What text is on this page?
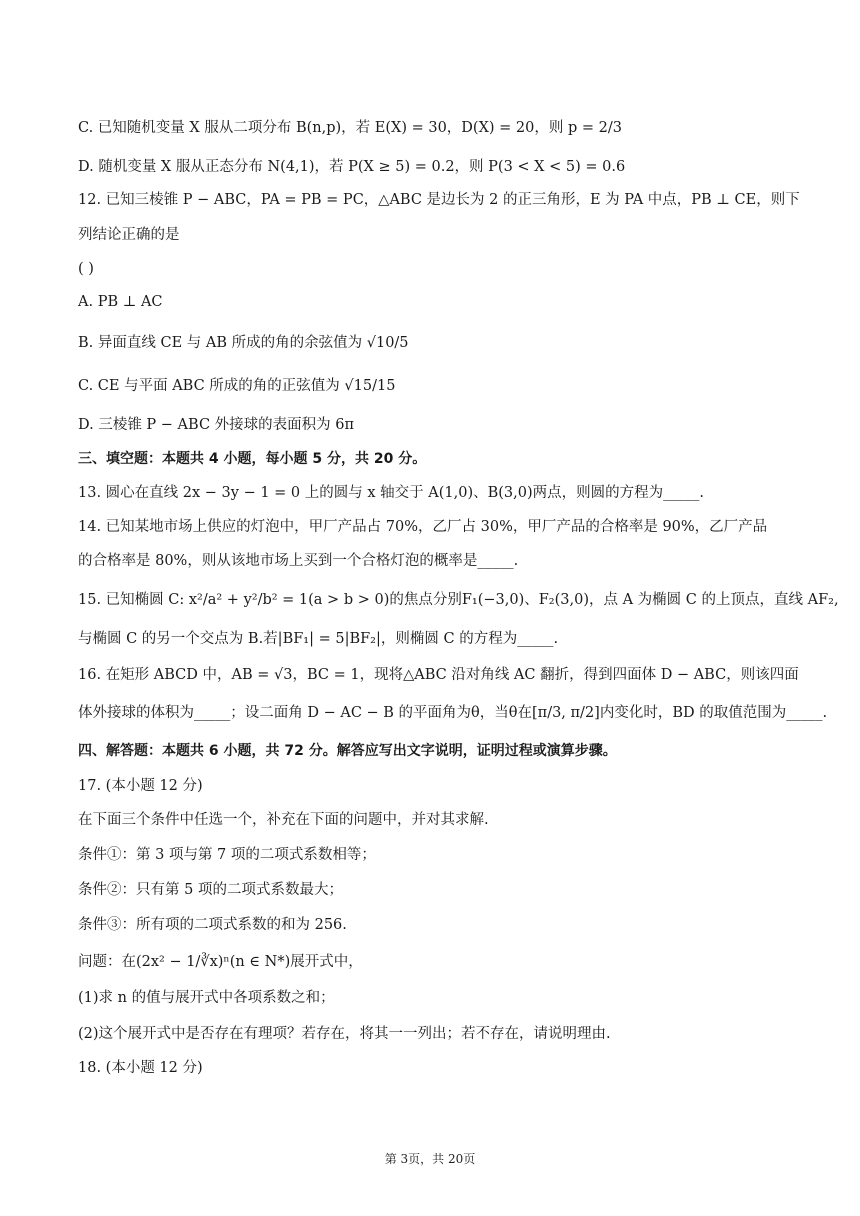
C. 已知随机变量 X 服从二项分布 B(n,p)，若 E(X) = 30，D(X) = 20，则 p = 2/3
D. 随机变量 X 服从正态分布 N(4,1)，若 P(X ≥ 5) = 0.2，则 P(3 < X < 5) = 0.6
12. 已知三棱锥 P − ABC，PA = PB = PC，△ABC 是边长为 2 的正三角形，E 为 PA 中点，PB ⊥ CE，则下
列结论正确的是
( )
A. PB ⊥ AC
B. 异面直线 CE 与 AB 所成的角的余弦值为 √10/5
C. CE 与平面 ABC 所成的角的正弦值为 √15/15
D. 三棱锥 P − ABC 外接球的表面积为 6π
三、填空题：本题共 4 小题，每小题 5 分，共 20 分。
13. 圆心在直线 2x − 3y − 1 = 0 上的圆与 x 轴交于 A(1,0)、B(3,0)两点，则圆的方程为_____.
14. 已知某地市场上供应的灯泡中，甲厂产品占 70%，乙厂占 30%，甲厂产品的合格率是 90%，乙厂产品
的合格率是 80%，则从该地市场上买到一个合格灯泡的概率是_____.
15. 已知椭圆 C: x²/a² + y²/b² = 1(a > b > 0)的焦点分别F₁(−3,0)、F₂(3,0)，点 A 为椭圆 C 的上顶点，直线 AF₂,
与椭圆 C 的另一个交点为 B.若|BF₁| = 5|BF₂|，则椭圆 C 的方程为_____.
16. 在矩形 ABCD 中，AB = √3，BC = 1，现将△ABC 沿对角线 AC 翻折，得到四面体 D − ABC，则该四面
体外接球的体积为_____；设二面角 D − AC − B 的平面角为θ，当θ在[π/3, π/2]内变化时，BD 的取值范围为_____.
四、解答题：本题共 6 小题，共 72 分。解答应写出文字说明，证明过程或演算步骤。
17. (本小题 12 分)
在下面三个条件中任选一个，补充在下面的问题中，并对其求解.
条件①：第 3 项与第 7 项的二项式系数相等；
条件②：只有第 5 项的二项式系数最大；
条件③：所有项的二项式系数的和为 256.
问题：在(2x² − 1/∛x)ⁿ(n ∈ N*)展开式中，
(1)求 n 的值与展开式中各项系数之和；
(2)这个展开式中是否存在有理项？若存在，将其一一列出；若不存在，请说明理由.
18. (本小题 12 分)
第 3页，共 20页
